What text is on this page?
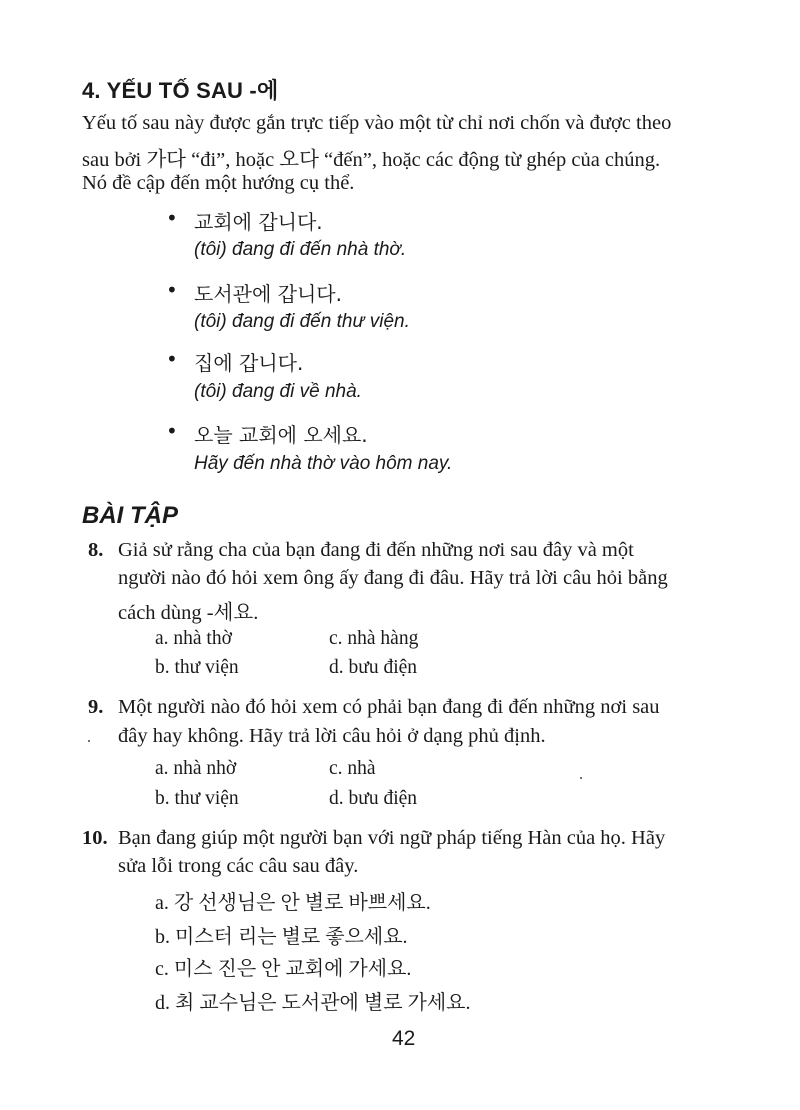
4. YẾU TỐ SAU -에
Yếu tố sau này được gắn trực tiếp vào một từ chỉ nơi chốn và được theo
sau bởi 가다 “đi”, hoặc 오다 “đến”, hoặc các động từ ghép của chúng.
Nó đề cập đến một hướng cụ thể.
• 교회에 갑니다.
(tôi) đang đi đến nhà thờ.
• 도서관에 갑니다.
(tôi) đang đi đến thư viện.
• 집에 갑니다.
(tôi) đang đi về nhà.
• 오늘 교회에 오세요.
Hãy đến nhà thờ vào hôm nay.
BÀI TẬP
8. Giả sử rằng cha của bạn đang đi đến những nơi sau đây và một
người nào đó hỏi xem ông ấy đang đi đâu. Hãy trả lời câu hỏi bằng
cách dùng -세요.
a. nhà thờ	c. nhà hàng
b. thư viện	d. bưu điện
9. Một người nào đó hỏi xem có phải bạn đang đi đến những nơi sau
đây hay không. Hãy trả lời câu hỏi ở dạng phủ định.
a. nhà nhờ	c. nhà
b. thư viện	d. bưu điện
10. Bạn đang giúp một người bạn với ngữ pháp tiếng Hàn của họ. Hãy
sửa lỗi trong các câu sau đây.
a. 강 선생님은 안 별로 바쁘세요.
b. 미스터 리는 별로 좋으세요.
c. 미스 진은 안 교회에 가세요.
d. 최 교수님은 도서관에 별로 가세요.
42
